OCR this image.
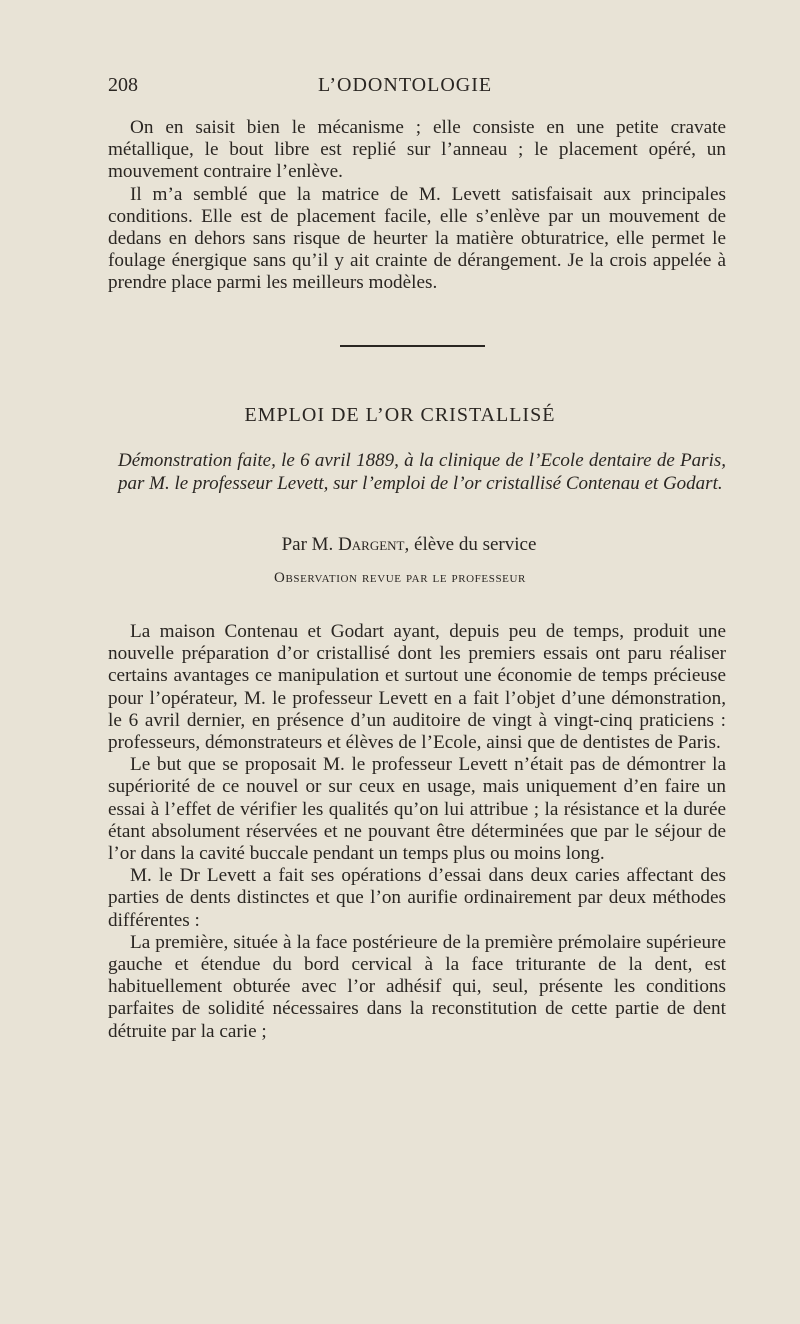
208	L’ODONTOLOGIE

On en saisit bien le mécanisme ; elle consiste en une petite cravate métallique, le bout libre est replié sur l’anneau ; le placement opéré, un mouvement contraire l’enlève.

Il m’a semblé que la matrice de M. Levett satisfaisait aux principales conditions. Elle est de placement facile, elle s’enlève par un mouvement de dedans en dehors sans risque de heurter la matière obturatrice, elle permet le foulage énergique sans qu’il y ait crainte de dérangement. Je la crois appelée à prendre place parmi les meilleurs modèles.

EMPLOI DE L’OR CRISTALLISÉ
Démonstration faite, le 6 avril 1889, à la clinique de l’Ecole dentaire de Paris, par M. le professeur Levett, sur l’emploi de l’or cristallisé Contenau et Godart.
Par M. Dargent, élève du service
Observation revue par le professeur

La maison Contenau et Godart ayant, depuis peu de temps, produit une nouvelle préparation d’or cristallisé dont les premiers essais ont paru réaliser certains avantages ce manipulation et surtout une économie de temps précieuse pour l’opérateur, M. le professeur Levett en a fait l’objet d’une démonstration, le 6 avril dernier, en présence d’un auditoire de vingt à vingt-cinq praticiens : professeurs, démonstrateurs et élèves de l’Ecole, ainsi que de dentistes de Paris.

Le but que se proposait M. le professeur Levett n’était pas de démontrer la supériorité de ce nouvel or sur ceux en usage, mais uniquement d’en faire un essai à l’effet de vérifier les qualités qu’on lui attribue ; la résistance et la durée étant absolument réservées et ne pouvant être déterminées que par le séjour de l’or dans la cavité buccale pendant un temps plus ou moins long.

M. le Dr Levett a fait ses opérations d’essai dans deux caries affectant des parties de dents distinctes et que l’on aurifie ordinairement par deux méthodes différentes :

La première, située à la face postérieure de la première prémolaire supérieure gauche et étendue du bord cervical à la face triturante de la dent, est habituellement obturée avec l’or adhésif qui, seul, présente les conditions parfaites de solidité nécessaires dans la reconstitution de cette partie de dent détruite par la carie ;
